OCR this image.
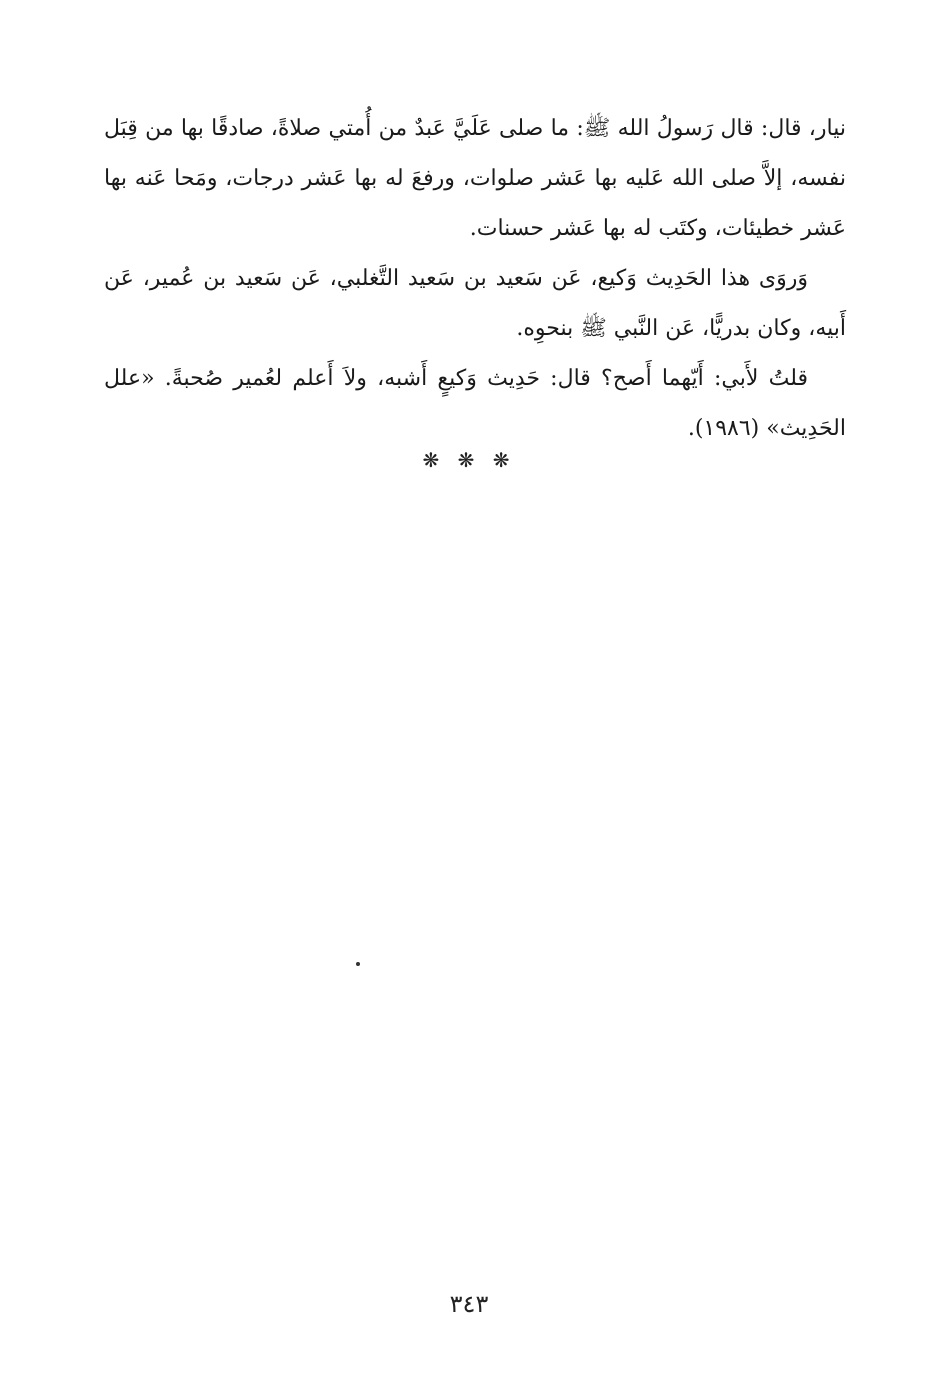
نيار، قال: قال رَسولُ الله ﷺ: ما صلى عَلَيَّ عَبدٌ من أُمتي صلاةً، صادقًا بها من قِبَل نفسه، إلاَّ صلى الله عَليه بها عَشر صلوات، ورفعَ له بها عَشر درجات، ومَحا عَنه بها عَشر خطيئات، وكتَب له بها عَشر حسنات.

وَروَى هذا الحَدِيث وَكيع، عَن سَعيد بن سَعيد التَّغلبي، عَن سَعيد بن عُمير، عَن أَبيه، وكان بدريًّا، عَن النَّبي ﷺ بنحوِه.

قلتُ لأَبي: أَيّهما أَصح؟ قال: حَدِيث وَكيعٍ أَشبه، ولاَ أَعلم لعُمير صُحبةً. «علل الحَدِيث» (١٩٨٦).

❋ ❋ ❋
٣٤٣
